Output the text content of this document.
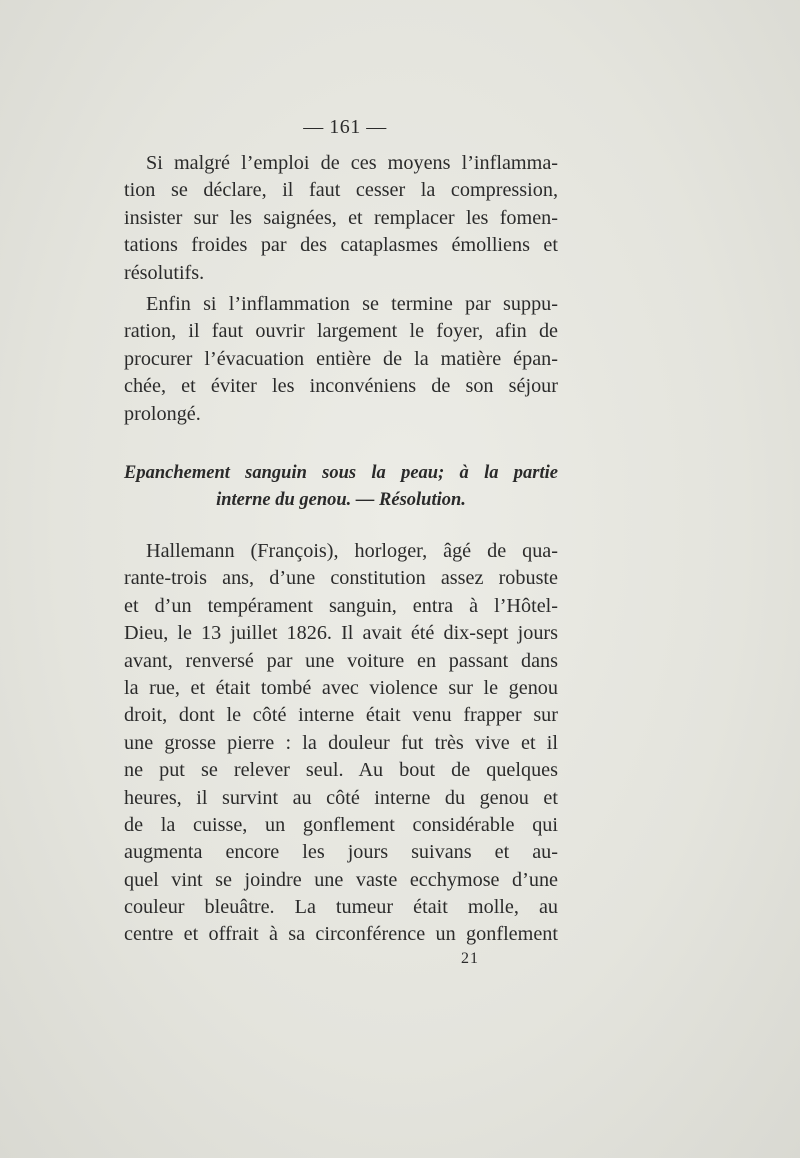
— 161 —
Si malgré l’emploi de ces moyens l’inflamma-
tion se déclare, il faut cesser la compression,
insister sur les saignées, et remplacer les fomen-
tations froides par des cataplasmes émolliens et
résolutifs.
Enfin si l’inflammation se termine par suppu-
ration, il faut ouvrir largement le foyer, afin de
procurer l’évacuation entière de la matière épan-
chée, et éviter les inconvéniens de son séjour
prolongé.
Epanchement sanguin sous la peau; à la partie
interne du genou. — Résolution.
Hallemann (François), horloger, âgé de qua-
rante-trois ans, d’une constitution assez robuste
et d’un tempérament sanguin, entra à l’Hôtel-
Dieu, le 13 juillet 1826. Il avait été dix-sept jours
avant, renversé par une voiture en passant dans
la rue, et était tombé avec violence sur le genou
droit, dont le côté interne était venu frapper sur
une grosse pierre : la douleur fut très vive et il
ne put se relever seul. Au bout de quelques
heures, il survint au côté interne du genou et
de la cuisse, un gonflement considérable qui
augmenta encore les jours suivans et au-
quel vint se joindre une vaste ecchymose d’une
couleur bleuâtre. La tumeur était molle, au
centre et offrait à sa circonférence un gonflement
21
